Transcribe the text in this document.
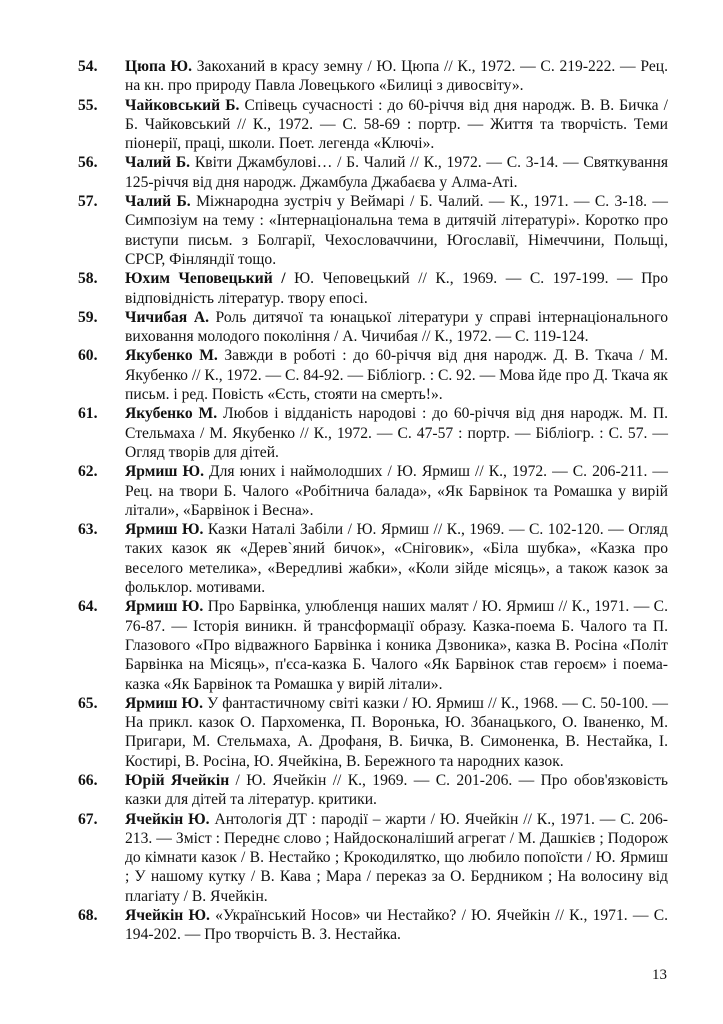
54.	Цюпа Ю. Закоханий в красу земну / Ю. Цюпа // К., 1972. — С. 219-222. — Рец. на кн. про природу Павла Ловецького «Билиці з дивосвіту».
55.	Чайковський Б. Співець сучасності : до 60-річчя від дня народж. В. В. Бичка / Б. Чайковський // К., 1972. — С. 58-69 : портр. — Життя та творчість. Теми піонерії, праці, школи. Поет. легенда «Ключі».
56.	Чалий Б. Квіти Джамбулові… / Б. Чалий // К., 1972. — С. 3-14. — Святкування 125-річчя від дня народж. Джамбула Джабаєва у Алма-Аті.
57.	Чалий Б. Міжнародна зустріч у Веймарі / Б. Чалий. — К., 1971. — С. 3-18. — Симпозіум на тему : «Інтернаціональна тема в дитячій літературі». Коротко про виступи письм. з Болгарії, Чехословаччини, Югославії, Німеччини, Польщі, СРСР, Фінляндії тощо.
58.	Юхим Чеповецький / Ю. Чеповецький // К., 1969. — С. 197-199. — Про відповідність літератур. твору епосі.
59.	Чичибая А. Роль дитячої та юнацької літератури у справі інтернаціонального виховання молодого покоління / А. Чичибая // К., 1972. — С. 119-124.
60.	Якубенко М. Завжди в роботі : до 60-річчя від дня народж. Д. В. Ткача / М. Якубенко // К., 1972. — С. 84-92. — Бібліогр. : С. 92. — Мова йде про Д. Ткача як письм. і ред. Повість «Єсть, стояти на смерть!».
61.	Якубенко М. Любов і відданість народові : до 60-річчя від дня народж. М. П. Стельмаха / М. Якубенко // К., 1972. — С. 47-57 : портр. — Бібліогр. : С. 57. — Огляд творів для дітей.
62.	Ярмиш Ю. Для юних і наймолодших / Ю. Ярмиш // К., 1972. — С. 206-211. — Рец. на твори Б. Чалого «Робітнича балада», «Як Барвінок та Ромашка у вирій літали», «Барвінок і Весна».
63.	Ярмиш Ю. Казки Наталі Забіли / Ю. Ярмиш // К., 1969. — С. 102-120. — Огляд таких казок як «Дерев`яний бичок», «Сніговик», «Біла шубка», «Казка про веселого метелика», «Вередливі жабки», «Коли зійде місяць», а також казок за фольклор. мотивами.
64.	Ярмиш Ю. Про Барвінка, улюбленця наших малят / Ю. Ярмиш // К., 1971. — С. 76-87. — Історія виникн. й трансформації образу. Казка-поема Б. Чалого та П. Глазового «Про відважного Барвінка і коника Дзвоника», казка В. Росіна «Політ Барвінка на Місяць», п'єса-казка Б. Чалого «Як Барвінок став героєм» і поема-казка «Як Барвінок та Ромашка у вирій літали».
65.	Ярмиш Ю. У фантастичному світі казки / Ю. Ярмиш // К., 1968. — С. 50-100. — На прикл. казок О. Пархоменка, П. Воронька, Ю. Збанацького, О. Іваненко, М. Пригари, М. Стельмаха, А. Дрофаня, В. Бичка, В. Симоненка, В. Нестайка, І. Костирі, В. Росіна, Ю. Ячейкіна, В. Бережного та народних казок.
66.	Юрій Ячейкін / Ю. Ячейкін // К., 1969. — С. 201-206. — Про обов'язковість казки для дітей та літератур. критики.
67.	Ячейкін Ю. Антологія ДТ : пародії – жарти / Ю. Ячейкін // К., 1971. — С. 206-213. — Зміст : Переднє слово ; Найдосконаліший агрегат / М. Дашкієв ; Подорож до кімнати казок / В. Нестайко ; Крокодилятко, що любило попоїсти / Ю. Ярмиш ; У нашому кутку / В. Кава ; Мара / переказ за О. Бердником ; На волосину від плагіату / В. Ячейкін.
68.	Ячейкін Ю. «Український Носов» чи Нестайко? / Ю. Ячейкін // К., 1971. — С. 194-202. — Про творчість В. З. Нестайка.
13
